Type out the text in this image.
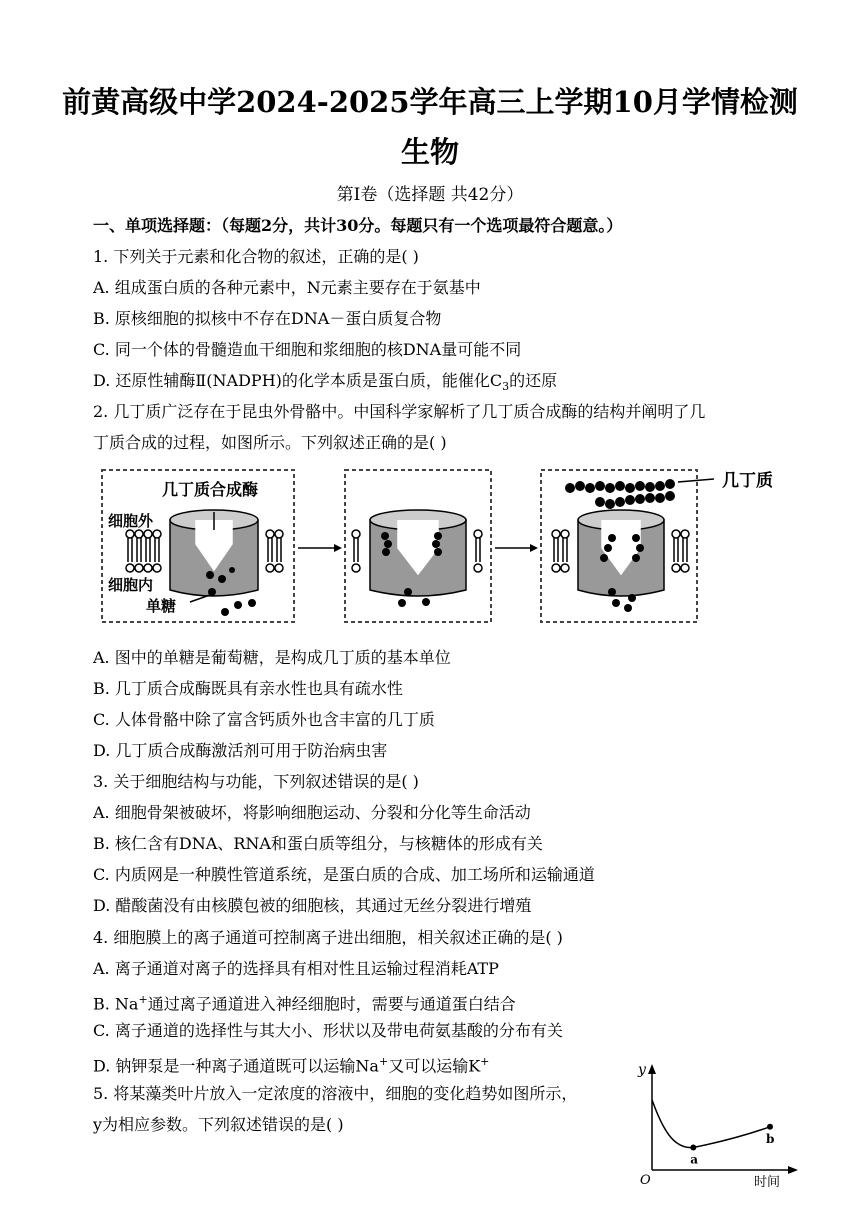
前黄高级中学2024-2025学年高三上学期10月学情检测
生物
第Ⅰ卷（选择题 共42分）
一、单项选择题：（每题2分，共计30分。每题只有一个选项最符合题意。）
1. 下列关于元素和化合物的叙述，正确的是( )
A. 组成蛋白质的各种元素中，N元素主要存在于氨基中
B. 原核细胞的拟核中不存在DNA－蛋白质复合物
C. 同一个体的骨髓造血干细胞和浆细胞的核DNA量可能不同
D. 还原性辅酶Ⅱ(NADPH)的化学本质是蛋白质，能催化$C_3$的还原
2. 几丁质广泛存在于昆虫外骨骼中。中国科学家解析了几丁质合成酶的结构并阐明了几
丁质合成的过程，如图所示。下列叙述正确的是( )
几丁质合成酶
细胞外
细胞内
单糖
几丁质
A. 图中的单糖是葡萄糖，是构成几丁质的基本单位
B. 几丁质合成酶既具有亲水性也具有疏水性
C. 人体骨骼中除了富含钙质外也含丰富的几丁质
D. 几丁质合成酶激活剂可用于防治病虫害
3. 关于细胞结构与功能，下列叙述错误的是( )
A. 细胞骨架被破坏，将影响细胞运动、分裂和分化等生命活动
B. 核仁含有DNA、RNA和蛋白质等组分，与核糖体的形成有关
C. 内质网是一种膜性管道系统，是蛋白质的合成、加工场所和运输通道
D. 醋酸菌没有由核膜包被的细胞核，其通过无丝分裂进行增殖
4. 细胞膜上的离子通道可控制离子进出细胞，相关叙述正确的是( )
A. 离子通道对离子的选择具有相对性且运输过程消耗ATP
B. Na+通过离子通道进入神经细胞时，需要与通道蛋白结合
C. 离子通道的选择性与其大小、形状以及带电荷氨基酸的分布有关
D. 钠钾泵是一种离子通道既可以运输Na+又可以运输K+
5. 将某藻类叶片放入一定浓度的溶液中，细胞的变化趋势如图所示，
y为相应参数。下列叙述错误的是( )
y
O	时间
a
b
